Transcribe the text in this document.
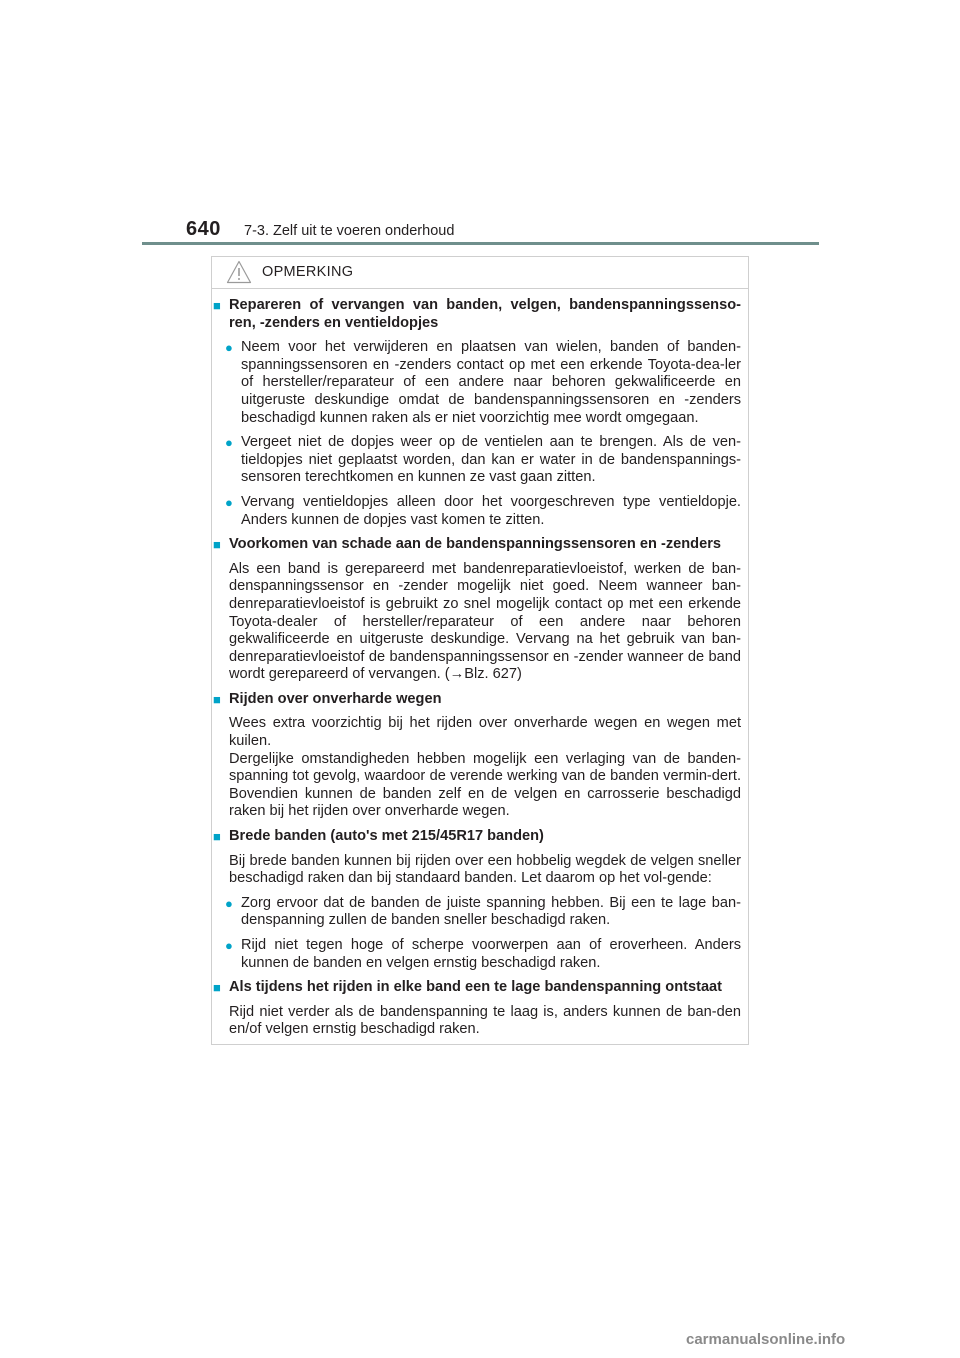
640 7-3. Zelf uit te voeren onderhoud
OPMERKING
■ Repareren of vervangen van banden, velgen, bandenspanningssenso-ren, -zenders en ventieldopjes
● Neem voor het verwijderen en plaatsen van wielen, banden of banden-spanningssensoren en -zenders contact op met een erkende Toyota-dea-ler of hersteller/reparateur of een andere naar behoren gekwalificeerde en uitgeruste deskundige omdat de bandenspanningssensoren en -zenders beschadigd kunnen raken als er niet voorzichtig mee wordt omgegaan.
● Vergeet niet de dopjes weer op de ventielen aan te brengen. Als de ven-tieldopjes niet geplaatst worden, dan kan er water in de bandenspannings-sensoren terechtkomen en kunnen ze vast gaan zitten.
● Vervang ventieldopjes alleen door het voorgeschreven type ventieldopje. Anders kunnen de dopjes vast komen te zitten.
■ Voorkomen van schade aan de bandenspanningssensoren en -zenders
Als een band is gerepareerd met bandenreparatievloeistof, werken de ban-denspanningssensor en -zender mogelijk niet goed. Neem wanneer ban-denreparatievloeistof is gebruikt zo snel mogelijk contact op met een erkende Toyota-dealer of hersteller/reparateur of een andere naar behoren gekwalificeerde en uitgeruste deskundige. Vervang na het gebruik van ban-denreparatievloeistof de bandenspanningssensor en -zender wanneer de band wordt gerepareerd of vervangen. (→Blz. 627)
■ Rijden over onverharde wegen
Wees extra voorzichtig bij het rijden over onverharde wegen en wegen met kuilen.
Dergelijke omstandigheden hebben mogelijk een verlaging van de banden-spanning tot gevolg, waardoor de verende werking van de banden vermin-dert. Bovendien kunnen de banden zelf en de velgen en carrosserie beschadigd raken bij het rijden over onverharde wegen.
■ Brede banden (auto's met 215/45R17 banden)
Bij brede banden kunnen bij rijden over een hobbelig wegdek de velgen sneller beschadigd raken dan bij standaard banden. Let daarom op het vol-gende:
● Zorg ervoor dat de banden de juiste spanning hebben. Bij een te lage ban-denspanning zullen de banden sneller beschadigd raken.
● Rijd niet tegen hoge of scherpe voorwerpen aan of eroverheen. Anders kunnen de banden en velgen ernstig beschadigd raken.
■ Als tijdens het rijden in elke band een te lage bandenspanning ontstaat
Rijd niet verder als de bandenspanning te laag is, anders kunnen de ban-den en/of velgen ernstig beschadigd raken.
carmanualsonline.info
